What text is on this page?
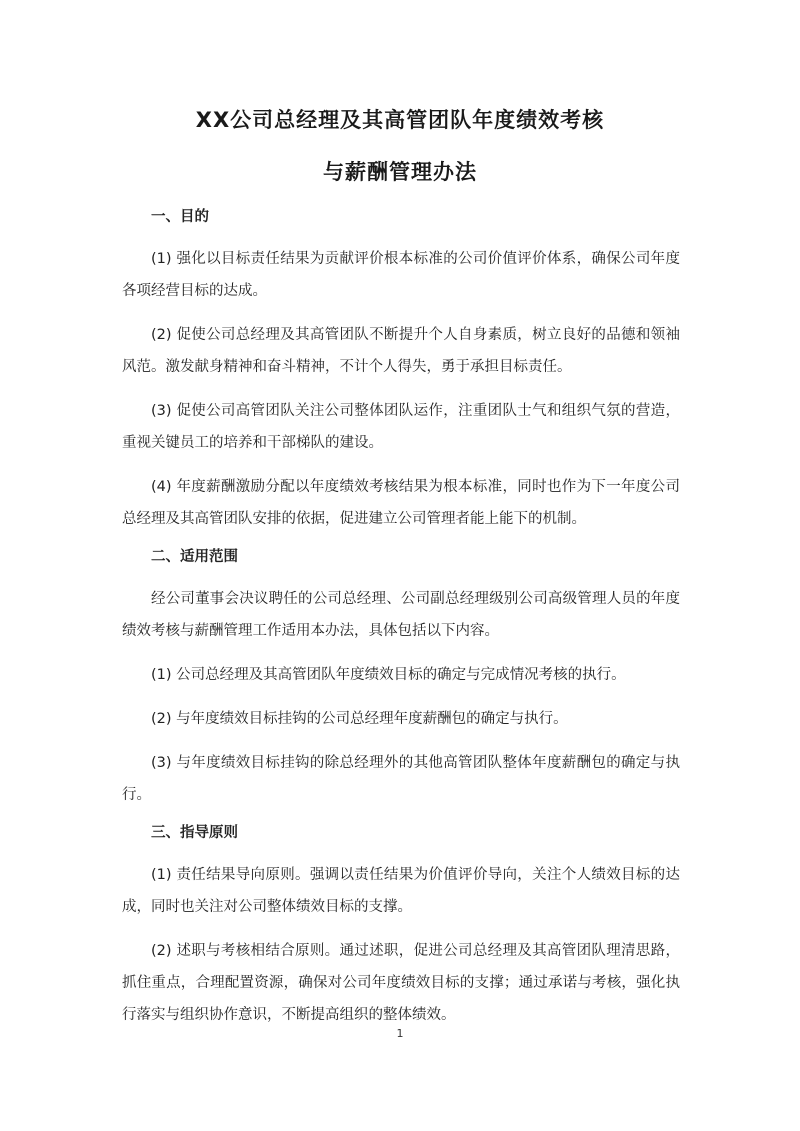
XX公司总经理及其高管团队年度绩效考核
与薪酬管理办法
一、目的

(1) 强化以目标责任结果为贡献评价根本标准的公司价值评价体系，确保公司年度各项经营目标的达成。

(2) 促使公司总经理及其高管团队不断提升个人自身素质，树立良好的品德和领袖风范。激发献身精神和奋斗精神，不计个人得失，勇于承担目标责任。

(3) 促使公司高管团队关注公司整体团队运作，注重团队士气和组织气氛的营造，重视关键员工的培养和干部梯队的建设。

(4) 年度薪酬激励分配以年度绩效考核结果为根本标准，同时也作为下一年度公司总经理及其高管团队安排的依据，促进建立公司管理者能上能下的机制。

二、适用范围

经公司董事会决议聘任的公司总经理、公司副总经理级别公司高级管理人员的年度绩效考核与薪酬管理工作适用本办法，具体包括以下内容。

(1) 公司总经理及其高管团队年度绩效目标的确定与完成情况考核的执行。

(2) 与年度绩效目标挂钩的公司总经理年度薪酬包的确定与执行。

(3) 与年度绩效目标挂钩的除总经理外的其他高管团队整体年度薪酬包的确定与执行。

三、指导原则

(1) 责任结果导向原则。强调以责任结果为价值评价导向，关注个人绩效目标的达成，同时也关注对公司整体绩效目标的支撑。

(2) 述职与考核相结合原则。通过述职，促进公司总经理及其高管团队理清思路，抓住重点，合理配置资源，确保对公司年度绩效目标的支撑；通过承诺与考核，强化执行落实与组织协作意识，不断提高组织的整体绩效。

1
